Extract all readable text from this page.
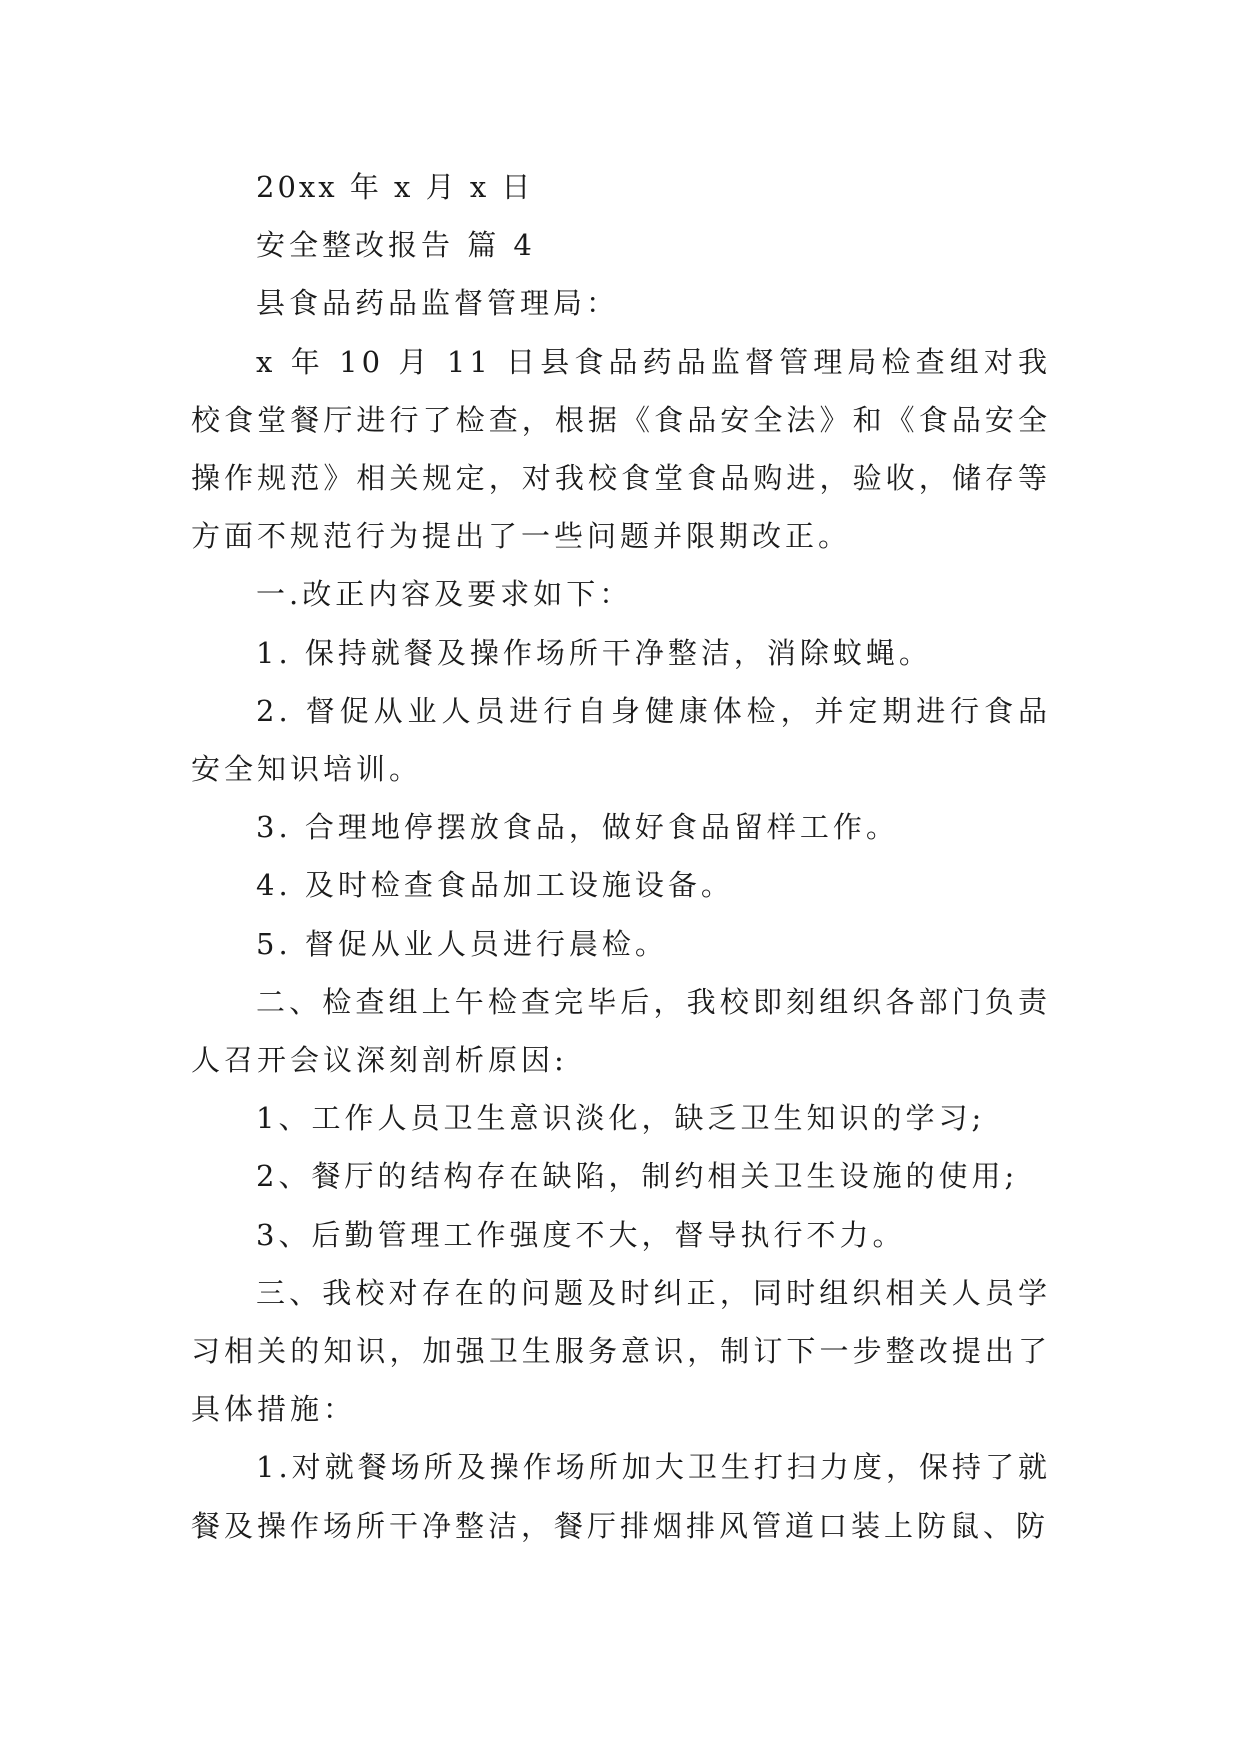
20xx 年 x 月 x 日

安全整改报告 篇 4

县食品药品监督管理局：

x 年 10 月 11 日县食品药品监督管理局检查组对我校食堂餐厅进行了检查，根据《食品安全法》和《食品安全操作规范》相关规定，对我校食堂食品购进，验收，储存等方面不规范行为提出了一些问题并限期改正。

一.改正内容及要求如下：

1. 保持就餐及操作场所干净整洁，消除蚊蝇。

2. 督促从业人员进行自身健康体检，并定期进行食品安全知识培训。

3. 合理地停摆放食品，做好食品留样工作。

4. 及时检查食品加工设施设备。

5. 督促从业人员进行晨检。

二、检查组上午检查完毕后，我校即刻组织各部门负责人召开会议深刻剖析原因:

1、工作人员卫生意识淡化，缺乏卫生知识的学习;

2、餐厅的结构存在缺陷，制约相关卫生设施的使用;

3、后勤管理工作强度不大，督导执行不力。

三、我校对存在的问题及时纠正，同时组织相关人员学习相关的知识，加强卫生服务意识，制订下一步整改提出了具体措施：

1.对就餐场所及操作场所加大卫生打扫力度，保持了就餐及操作场所干净整洁，餐厅排烟排风管道口装上防鼠、防
